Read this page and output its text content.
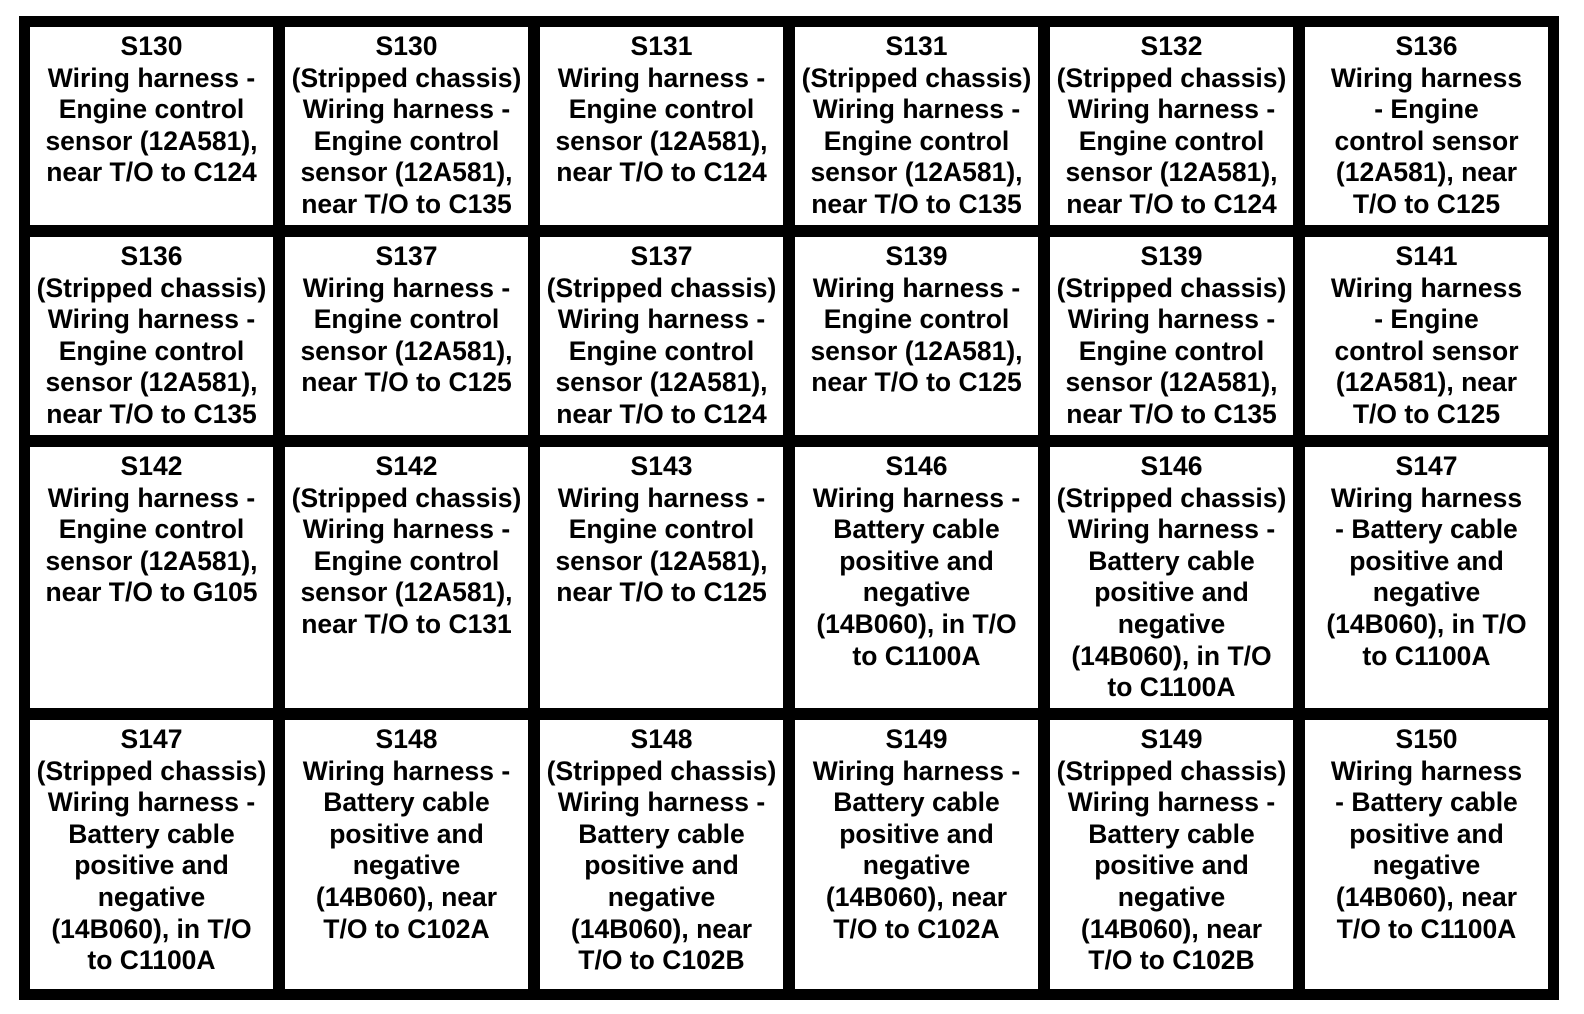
S130
Wiring harness -
Engine control
sensor (12A581),
near T/O to C124
S130
(Stripped chassis)
Wiring harness -
Engine control
sensor (12A581),
near T/O to C135
S131
Wiring harness -
Engine control
sensor (12A581),
near T/O to C124
S131
(Stripped chassis)
Wiring harness -
Engine control
sensor (12A581),
near T/O to C135
S132
(Stripped chassis)
Wiring harness -
Engine control
sensor (12A581),
near T/O to C124
S136
Wiring harness
- Engine
control sensor
(12A581), near
T/O to C125
S136
(Stripped chassis)
Wiring harness -
Engine control
sensor (12A581),
near T/O to C135
S137
Wiring harness -
Engine control
sensor (12A581),
near T/O to C125
S137
(Stripped chassis)
Wiring harness -
Engine control
sensor (12A581),
near T/O to C124
S139
Wiring harness -
Engine control
sensor (12A581),
near T/O to C125
S139
(Stripped chassis)
Wiring harness -
Engine control
sensor (12A581),
near T/O to C135
S141
Wiring harness
- Engine
control sensor
(12A581), near
T/O to C125
S142
Wiring harness -
Engine control
sensor (12A581),
near T/O to G105
S142
(Stripped chassis)
Wiring harness -
Engine control
sensor (12A581),
near T/O to C131
S143
Wiring harness -
Engine control
sensor (12A581),
near T/O to C125
S146
Wiring harness -
Battery cable
positive and
negative
(14B060), in T/O
to C1100A
S146
(Stripped chassis)
Wiring harness -
Battery cable
positive and
negative
(14B060), in T/O
to C1100A
S147
Wiring harness
- Battery cable
positive and
negative
(14B060), in T/O
to C1100A
S147
(Stripped chassis)
Wiring harness -
Battery cable
positive and
negative
(14B060), in T/O
to C1100A
S148
Wiring harness -
Battery cable
positive and
negative
(14B060), near
T/O to C102A
S148
(Stripped chassis)
Wiring harness -
Battery cable
positive and
negative
(14B060), near
T/O to C102B
S149
Wiring harness -
Battery cable
positive and
negative
(14B060), near
T/O to C102A
S149
(Stripped chassis)
Wiring harness -
Battery cable
positive and
negative
(14B060), near
T/O to C102B
S150
Wiring harness
- Battery cable
positive and
negative
(14B060), near
T/O to C1100A
